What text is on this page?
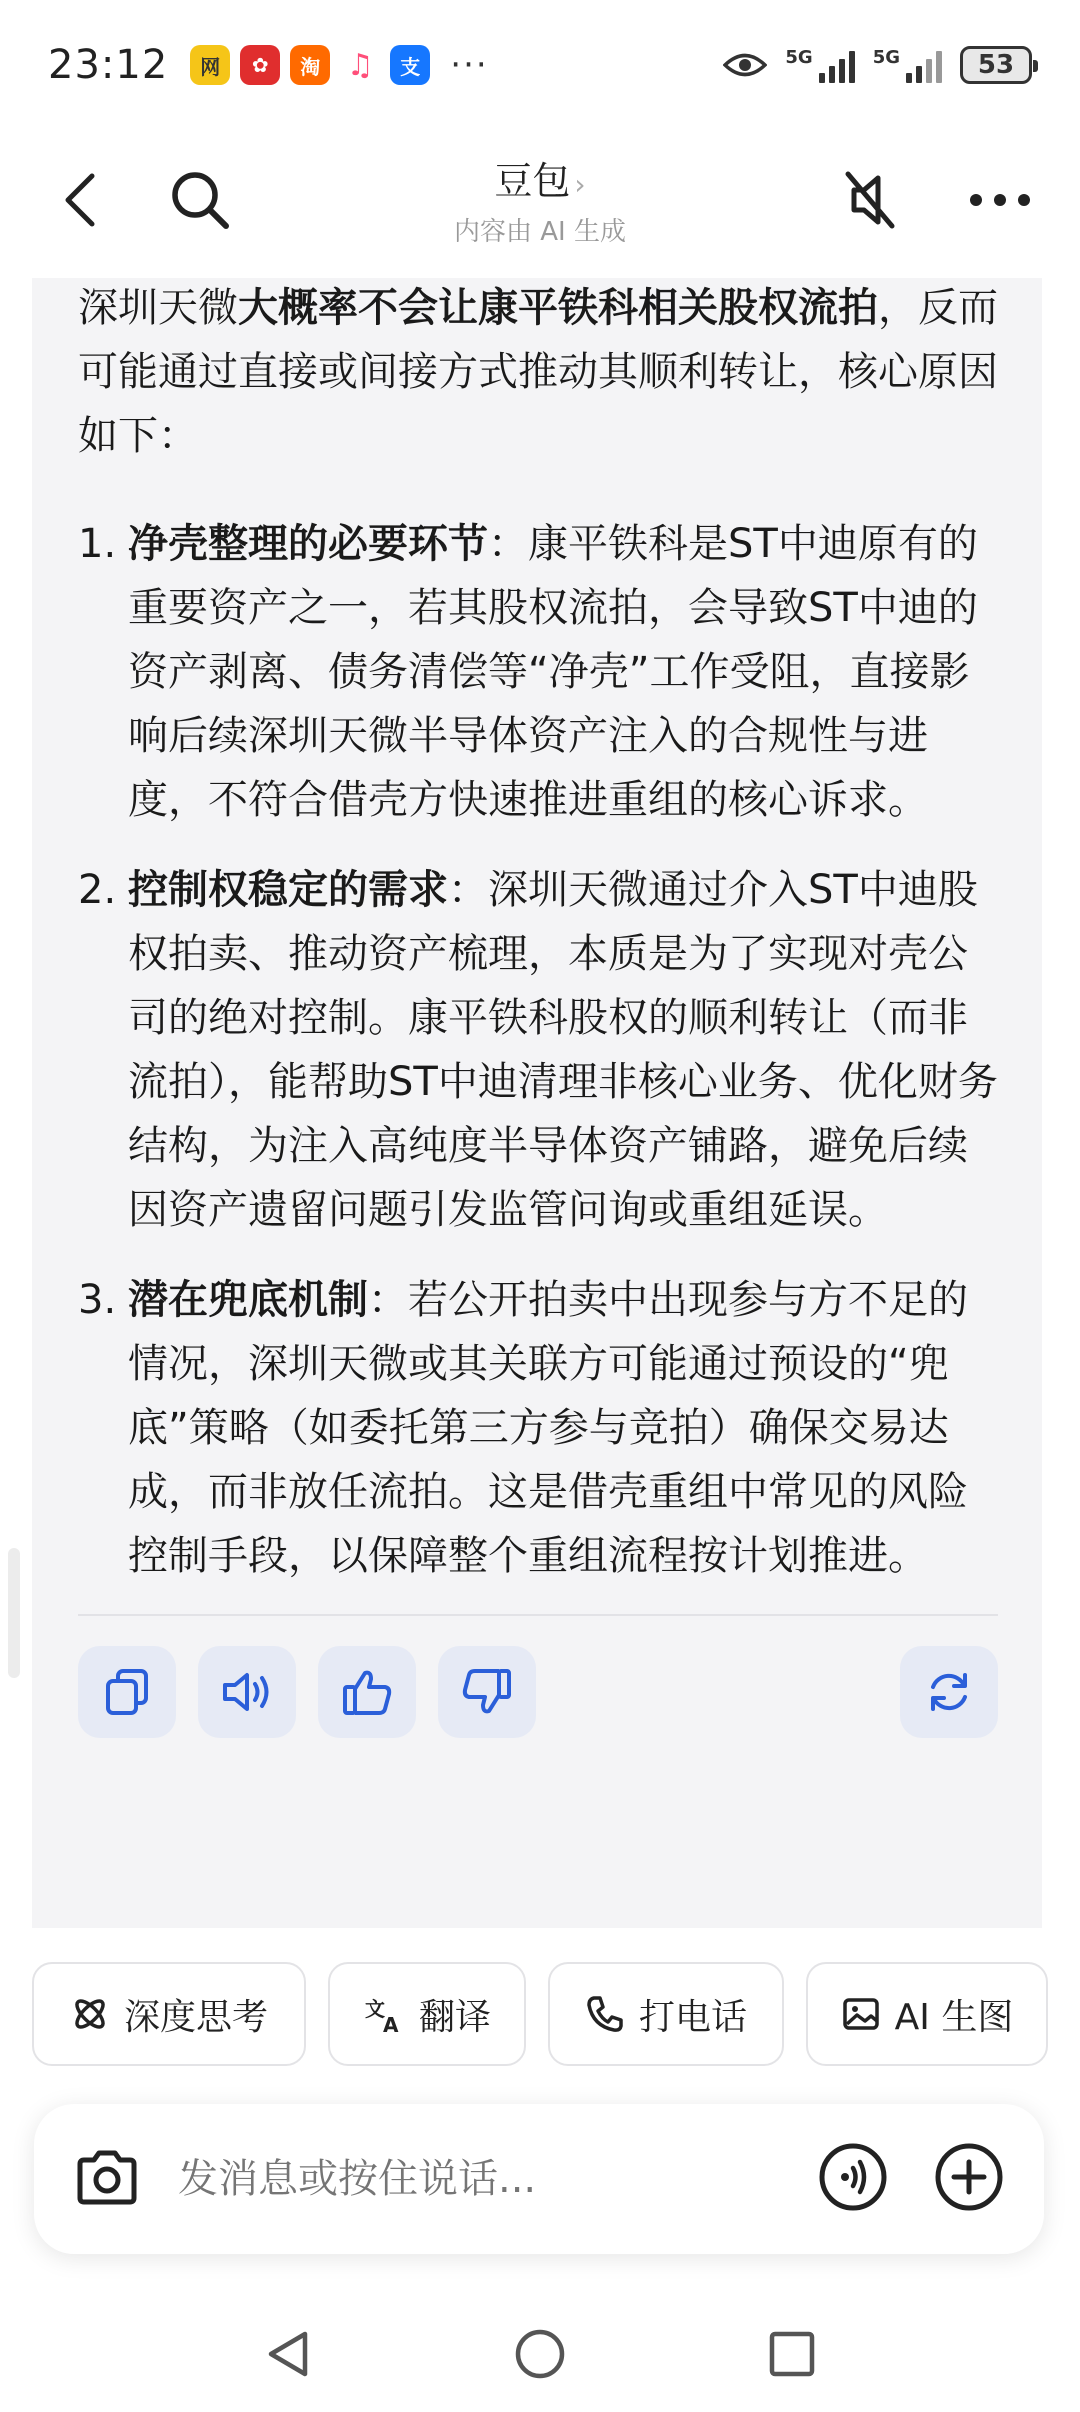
23:12	网	✿	淘 ♫	支 ···	5G	5G	53
豆包 ›
内容由 AI 生成
深圳天微大概率不会让康平铁科相关股权流拍，反而可能通过直接或间接方式推动其顺利转让，核心原因如下：
1. 净壳整理的必要环节：康平铁科是ST中迪原有的重要资产之一，若其股权流拍，会导致ST中迪的资产剥离、债务清偿等“净壳”工作受阻，直接影响后续深圳天微半导体资产注入的合规性与进度，不符合借壳方快速推进重组的核心诉求。
2. 控制权稳定的需求：深圳天微通过介入ST中迪股权拍卖、推动资产梳理，本质是为了实现对壳公司的绝对控制。康平铁科股权的顺利转让（而非流拍），能帮助ST中迪清理非核心业务、优化财务结构，为注入高纯度半导体资产铺路，避免后续因资产遗留问题引发监管问询或重组延误。
3. 潜在兜底机制：若公开拍卖中出现参与方不足的情况，深圳天微或其关联方可能通过预设的“兜底”策略（如委托第三方参与竞拍）确保交易达成，而非放任流拍。这是借壳重组中常见的风险控制手段，以保障整个重组流程按计划推进。
深度思考	文
A 翻译	打电话	AI 生图
发消息或按住说话...
